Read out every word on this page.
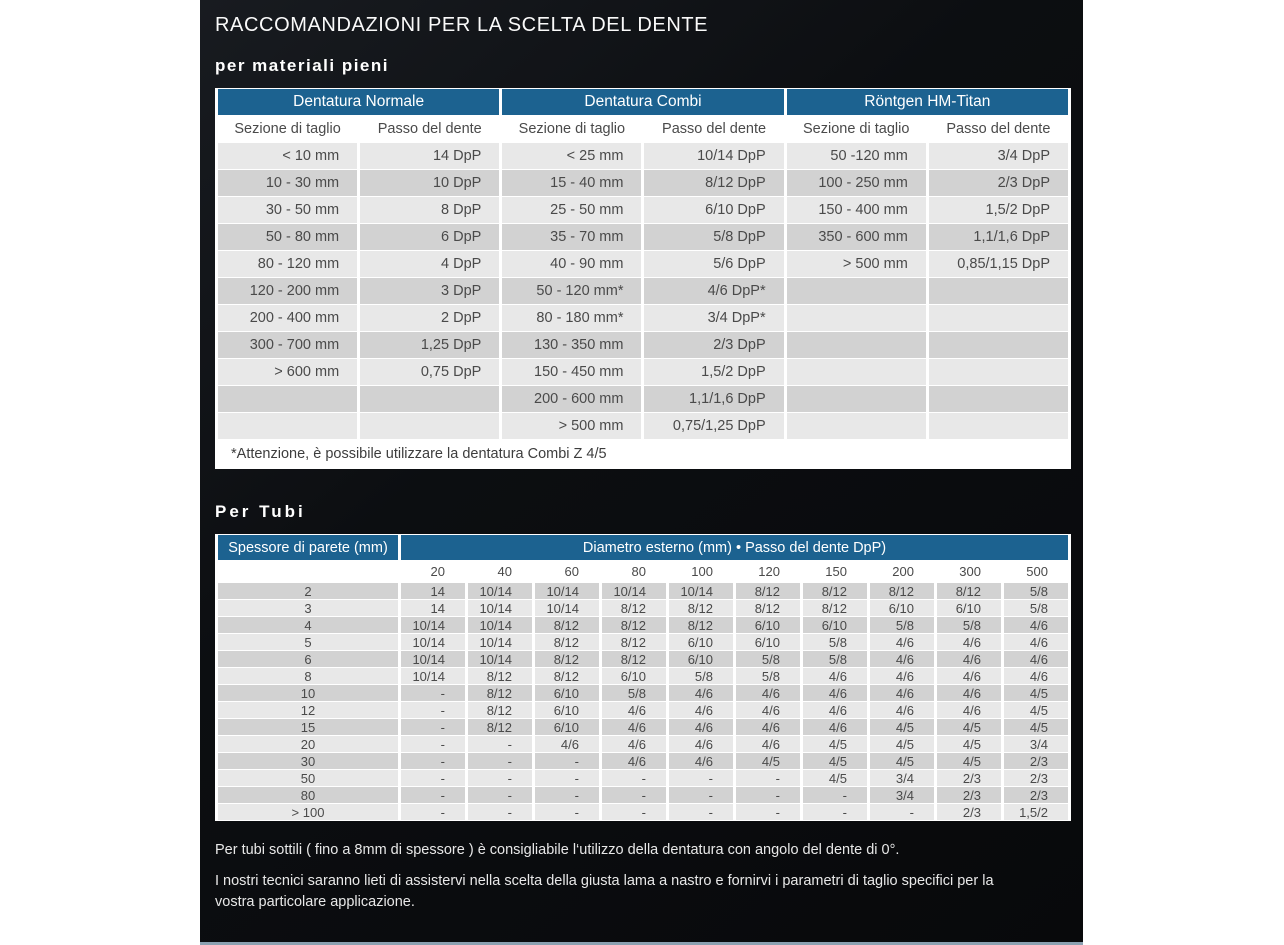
RACCOMANDAZIONI PER LA SCELTA DEL DENTE
per materiali pieni
Dentatura Normale		Dentatura Combi		Röntgen HM-Titan	
Sezione di taglio	Passo del dente	Sezione di taglio	Passo del dente	Sezione di taglio	Passo del dente
< 10 mm	14 DpP	< 25 mm	10/14 DpP	50 -120 mm	3/4 DpP
10 - 30 mm	10 DpP	15 - 40 mm	8/12 DpP	100 - 250 mm	2/3 DpP
30 - 50 mm	8 DpP	25 - 50 mm	6/10 DpP	150 - 400 mm	1,5/2 DpP
50 - 80 mm	6 DpP	35 - 70 mm	5/8 DpP	350 - 600 mm	1,1/1,6 DpP
80 - 120 mm	4 DpP	40 - 90 mm	5/6 DpP	> 500 mm	0,85/1,15 DpP
120 - 200 mm	3 DpP	50 - 120 mm*	4/6 DpP*		
200 - 400 mm	2 DpP	80 - 180 mm*	3/4 DpP*		
300 - 700 mm	1,25 DpP	130 - 350 mm	2/3 DpP		
> 600 mm	0,75 DpP	150 - 450 mm	1,5/2 DpP		
		200 - 600 mm	1,1/1,6 DpP		
		> 500 mm	0,75/1,25 DpP		
*Attenzione, è possibile utilizzare la dentatura Combi Z 4/5					
Per Tubi
Spessore di parete (mm)	Diametro esterno (mm) • Passo del dente DpP)									
	20	40	60	80	100	120	150	200	300	500
2	14	10/14	10/14	10/14	10/14	8/12	8/12	8/12	8/12	5/8
3	14	10/14	10/14	8/12	8/12	8/12	8/12	6/10	6/10	5/8
4	10/14	10/14	8/12	8/12	8/12	6/10	6/10	5/8	5/8	4/6
5	10/14	10/14	8/12	8/12	6/10	6/10	5/8	4/6	4/6	4/6
6	10/14	10/14	8/12	8/12	6/10	5/8	5/8	4/6	4/6	4/6
8	10/14	8/12	8/12	6/10	5/8	5/8	4/6	4/6	4/6	4/6
10	-	8/12	6/10	5/8	4/6	4/6	4/6	4/6	4/6	4/5
12	-	8/12	6/10	4/6	4/6	4/6	4/6	4/6	4/6	4/5
15	-	8/12	6/10	4/6	4/6	4/6	4/6	4/5	4/5	4/5
20	-	-	4/6	4/6	4/6	4/6	4/5	4/5	4/5	3/4
30	-	-	-	4/6	4/6	4/5	4/5	4/5	4/5	2/3
50	-	-	-	-	-	-	4/5	3/4	2/3	2/3
80	-	-	-	-	-	-	-	3/4	2/3	2/3
> 100	-	-	-	-	-	-	-	-	2/3	1,5/2

Per tubi sottili ( fino a 8mm di spessore ) è consigliabile l‘utilizzo della dentatura con angolo del dente di 0°.

I nostri tecnici saranno lieti di assistervi nella scelta della giusta lama a nastro e fornirvi i parametri di taglio specifici per la vostra particolare applicazione.
